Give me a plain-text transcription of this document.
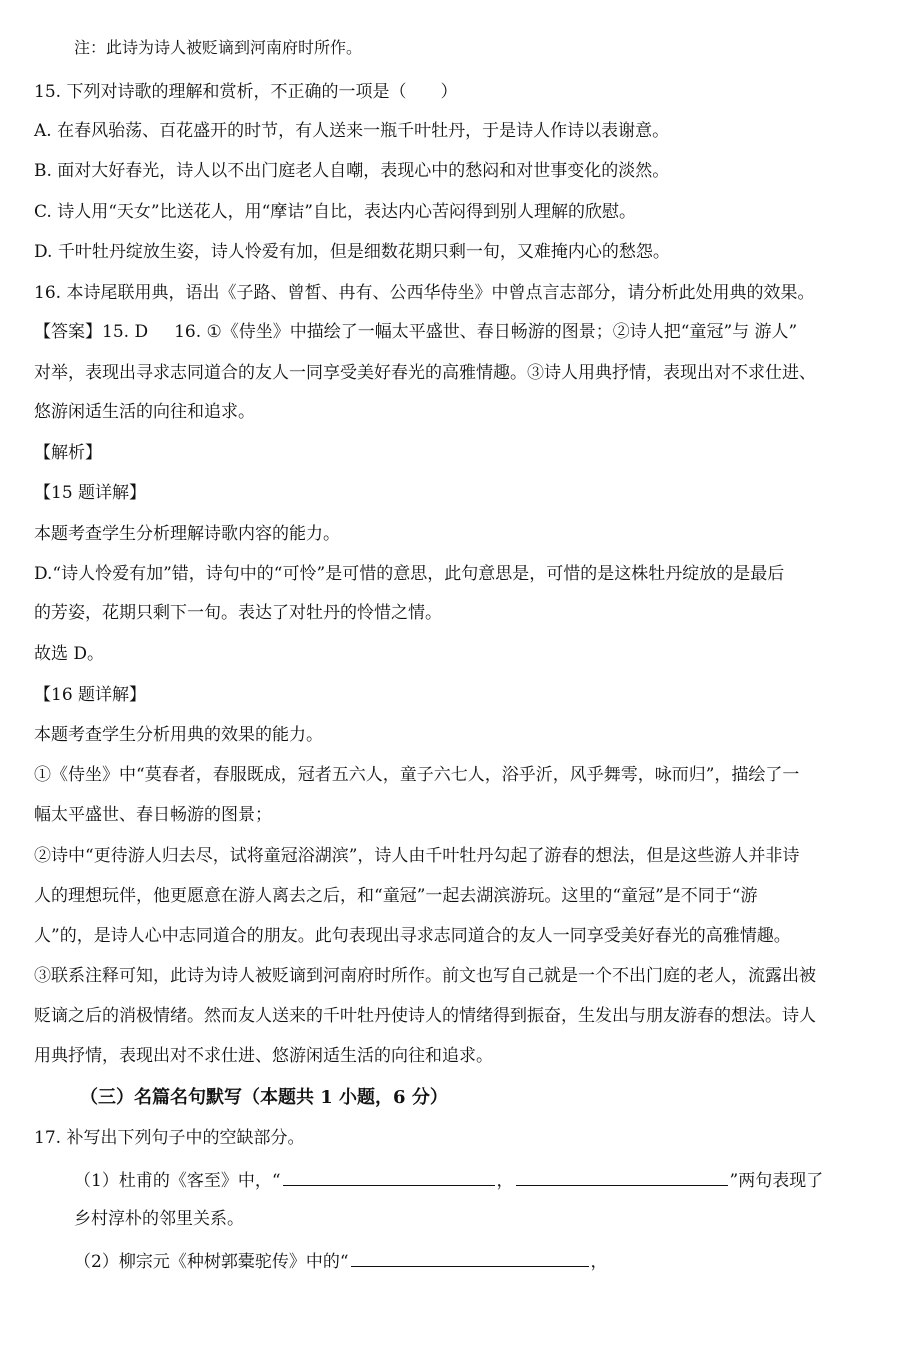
注：此诗为诗人被贬谪到河南府时所作。
15. 下列对诗歌的理解和赏析，不正确的一项是（　　）
A. 在春风骀荡、百花盛开的时节，有人送来一瓶千叶牡丹，于是诗人作诗以表谢意。
B. 面对大好春光，诗人以不出门庭老人自嘲，表现心中的愁闷和对世事变化的淡然。
C. 诗人用“天女”比送花人，用“摩诘”自比，表达内心苦闷得到别人理解的欣慰。
D. 千叶牡丹绽放生姿，诗人怜爱有加，但是细数花期只剩一旬，又难掩内心的愁怨。
16. 本诗尾联用典，语出《子路、曾皙、冉有、公西华侍坐》中曾点言志部分，请分析此处用典的效果。
【答案】15. D 16. ①《侍坐》中描绘了一幅太平盛世、春日畅游的图景；②诗人把“童冠”与 游人”
对举，表现出寻求志同道合的友人一同享受美好春光的高雅情趣。③诗人用典抒情，表现出对不求仕进、
悠游闲适生活的向往和追求。
【解析】
【15 题详解】
本题考查学生分析理解诗歌内容的能力。
D.“诗人怜爱有加”错，诗句中的“可怜”是可惜的意思，此句意思是，可惜的是这株牡丹绽放的是最后
的芳姿，花期只剩下一旬。表达了对牡丹的怜惜之情。
故选 D。
【16 题详解】
本题考查学生分析用典的效果的能力。
①《侍坐》中“莫春者，春服既成，冠者五六人，童子六七人，浴乎沂，风乎舞雩，咏而归”，描绘了一
幅太平盛世、春日畅游的图景；
②诗中“更待游人归去尽，试将童冠浴湖滨”，诗人由千叶牡丹勾起了游春的想法，但是这些游人并非诗
人的理想玩伴，他更愿意在游人离去之后，和“童冠”一起去湖滨游玩。这里的“童冠”是不同于“游
人”的，是诗人心中志同道合的朋友。此句表现出寻求志同道合的友人一同享受美好春光的高雅情趣。
③联系注释可知，此诗为诗人被贬谪到河南府时所作。前文也写自己就是一个不出门庭的老人，流露出被
贬谪之后的消极情绪。然而友人送来的千叶牡丹使诗人的情绪得到振奋，生发出与朋友游春的想法。诗人
用典抒情，表现出对不求仕进、悠游闲适生活的向往和追求。
（三）名篇名句默写（本题共 1 小题，6 分）
17. 补写出下列句子中的空缺部分。
（1）杜甫的《客至》中，“	，	”两句表现了
乡村淳朴的邻里关系。
（2）柳宗元《种树郭橐驼传》中的“	，
